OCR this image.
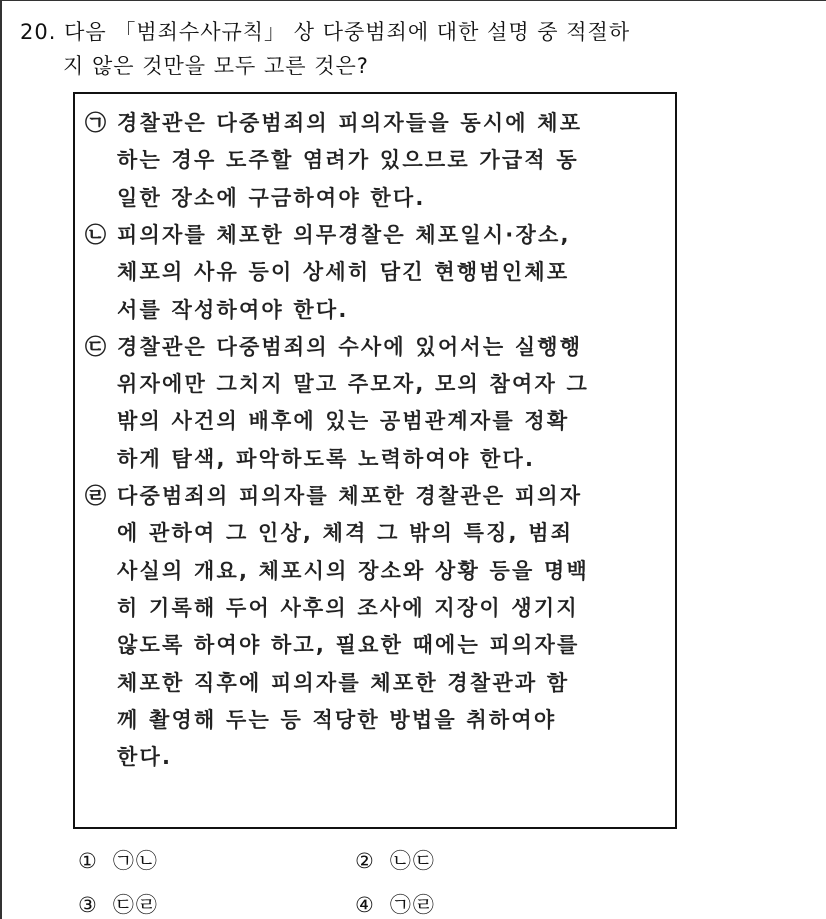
20. 다음 「범죄수사규칙」 상 다중범죄에 대한 설명 중 적절하
지 않은 것만을 모두 고른 것은?
㉠ 경찰관은 다중범죄의 피의자들을 동시에 체포
하는 경우 도주할 염려가 있으므로 가급적 동
일한 장소에 구금하여야 한다.
㉡ 피의자를 체포한 의무경찰은 체포일시·장소,
체포의 사유 등이 상세히 담긴 현행범인체포
서를 작성하여야 한다.
㉢ 경찰관은 다중범죄의 수사에 있어서는 실행행
위자에만 그치지 말고 주모자, 모의 참여자 그
밖의 사건의 배후에 있는 공범관계자를 정확
하게 탐색, 파악하도록 노력하여야 한다.
㉣ 다중범죄의 피의자를 체포한 경찰관은 피의자
에 관하여 그 인상, 체격 그 밖의 특징, 범죄
사실의 개요, 체포시의 장소와 상황 등을 명백
히 기록해 두어 사후의 조사에 지장이 생기지
않도록 하여야 하고, 필요한 때에는 피의자를
체포한 직후에 피의자를 체포한 경찰관과 함
께 촬영해 두는 등 적당한 방법을 취하여야
한다.
① ㉠㉡	② ㉡㉢
③ ㉢㉣	④ ㉠㉣
